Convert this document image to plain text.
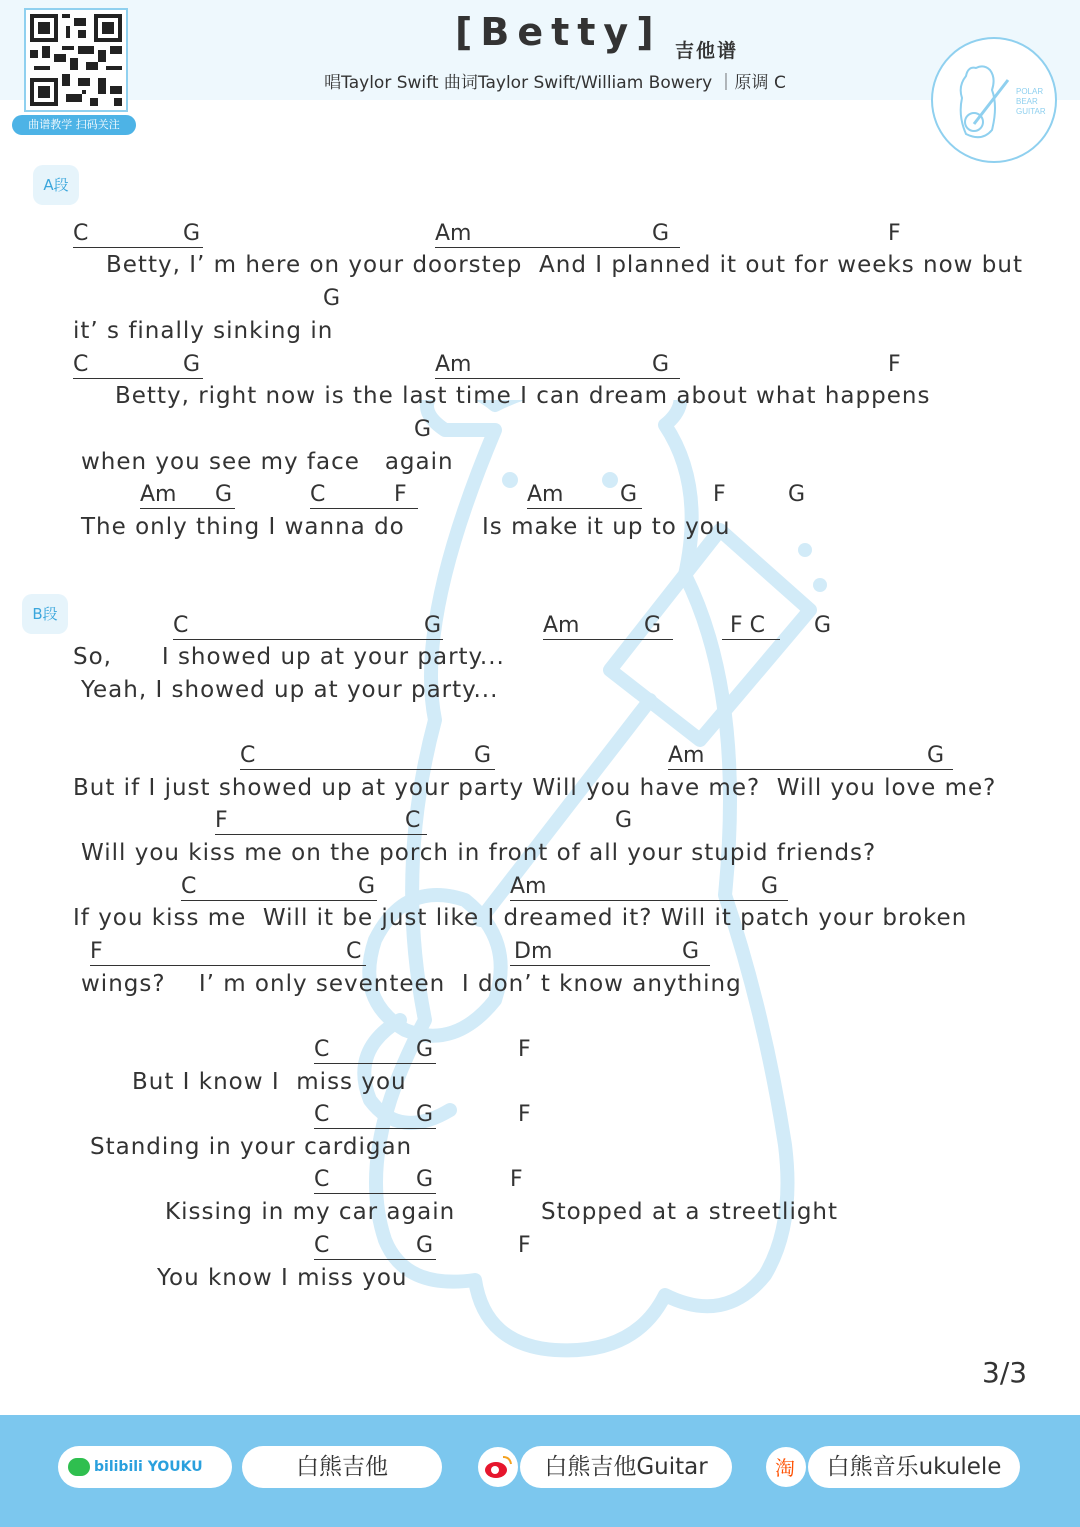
曲谱教学 扫码关注
[Betty] 吉他谱
唱Taylor Swift 曲词Taylor Swift/William Bowery ｜原调 C	POLAR
BEAR
GUITAR
A段
C	G	Am	G	F
Betty, I’ m here on your doorstep  And I planned it out for weeks now but
G
it’ s finally sinking in
C	G	Am	G	F
Betty, right now is the last time I can dream about what happens
G
when you see my face   again
Am G	C	F	Am	G	F	G
The only thing I wanna do	Is make it up to you
B段	C	G	Am	G	F C G
So,      I showed up at your party...
Yeah, I showed up at your party...
C	G	Am	G
But if I just showed up at your party Will you have me?  Will you love me?
F	C	G
Will you kiss me on the porch in front of all your stupid friends?
C	G	Am	G
If you kiss me  Will it be just like I dreamed it? Will it patch your broken
F	C	Dm	G
wings?    I’ m only seventeen  I don’ t know anything
C	G	F
But I know I  miss you
C	G	F
Standing in your cardigan
C	G	F
Kissing in my car again	Stopped at a streetlight
C	G	F
You know I miss you
3/3
bilibili YOUKU	白熊吉他	白熊吉他Guitar	淘	白熊音乐ukulele
